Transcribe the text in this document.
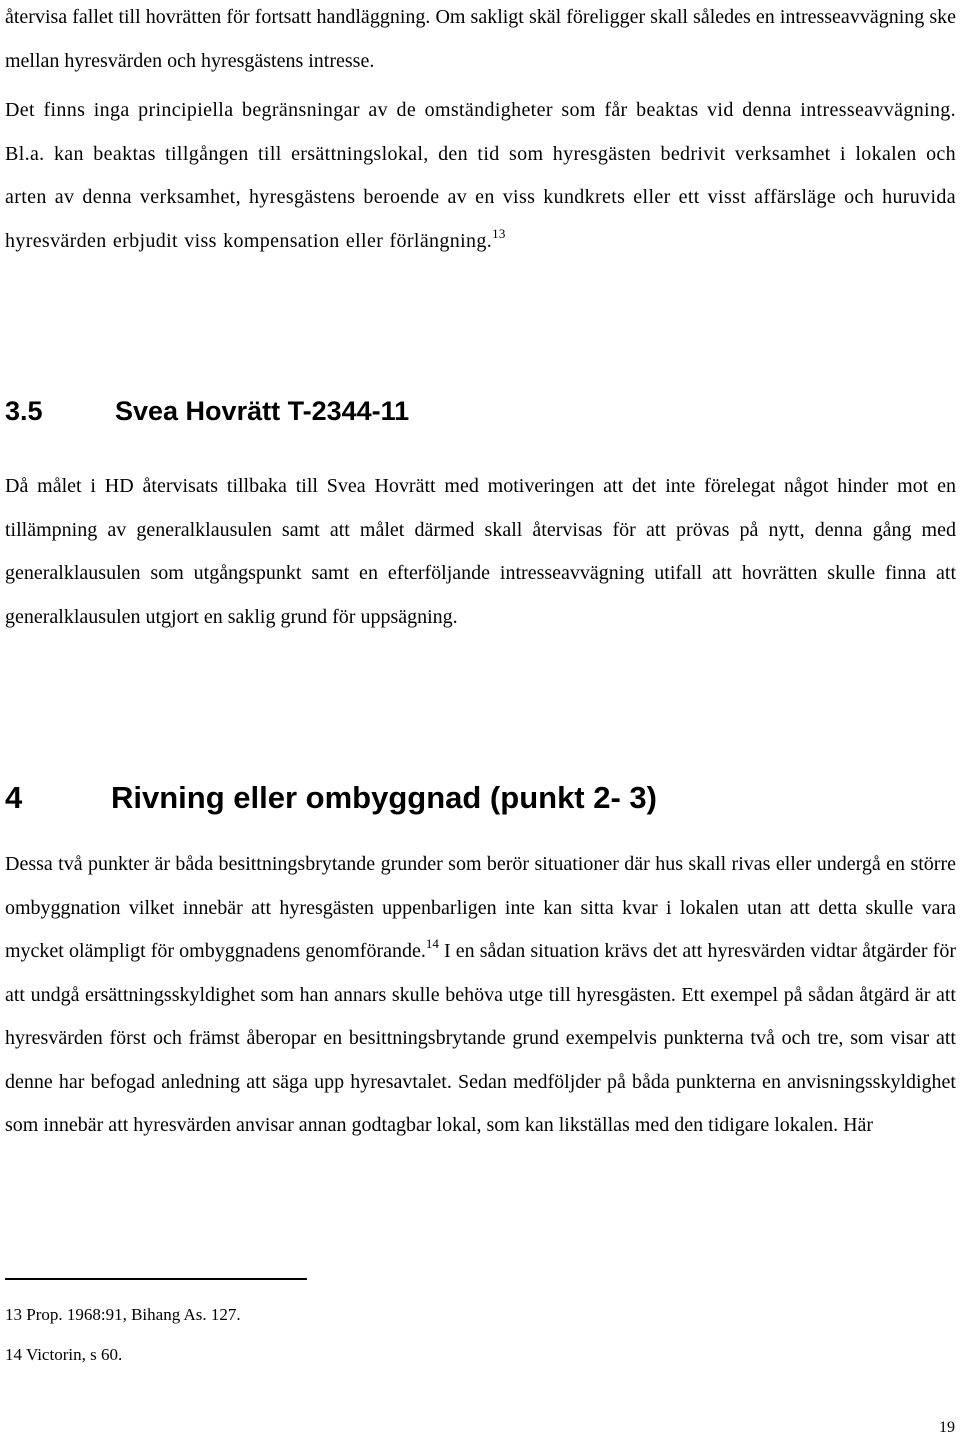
återvisa fallet till hovrätten för fortsatt handläggning. Om sakligt skäl föreligger skall således en intresseavvägning ske mellan hyresvärden och hyresgästens intresse.

Det finns inga principiella begränsningar av de omständigheter som får beaktas vid denna intresseavvägning. Bl.a. kan beaktas tillgången till ersättningslokal, den tid som hyresgästen bedrivit verksamhet i lokalen och arten av denna verksamhet, hyresgästens beroende av en viss kundkrets eller ett visst affärsläge och huruvida hyresvärden erbjudit viss kompensation eller förlängning.$^{13}$

3.5	Svea Hovrätt T-2344-11

Då målet i HD återvisats tillbaka till Svea Hovrätt med motiveringen att det inte förelegat något hinder mot en tillämpning av generalklausulen samt att målet därmed skall återvisas för att prövas på nytt, denna gång med generalklausulen som utgångspunkt samt en efterföljande intresseavvägning utifall att hovrätten skulle finna att generalklausulen utgjort en saklig grund för uppsägning.

4	Rivning eller ombyggnad (punkt 2- 3)

Dessa två punkter är båda besittningsbrytande grunder som berör situationer där hus skall rivas eller undergå en större ombyggnation vilket innebär att hyresgästen uppenbarligen inte kan sitta kvar i lokalen utan att detta skulle vara mycket olämpligt för ombyggnadens genomförande.$^{14}$ I en sådan situation krävs det att hyresvärden vidtar åtgärder för att undgå ersättningsskyldighet som han annars skulle behöva utge till hyresgästen. Ett exempel på sådan åtgärd är att hyresvärden först och främst åberopar en besittningsbrytande grund exempelvis punkterna två och tre, som visar att denne har befogad anledning att säga upp hyresavtalet. Sedan medföljder på båda punkterna en anvisningsskyldighet som innebär att hyresvärden anvisar annan godtagbar lokal, som kan likställas med den tidigare lokalen. Här

13 Prop. 1968:91, Bihang As. 127.

14 Victorin, s 60.

19
